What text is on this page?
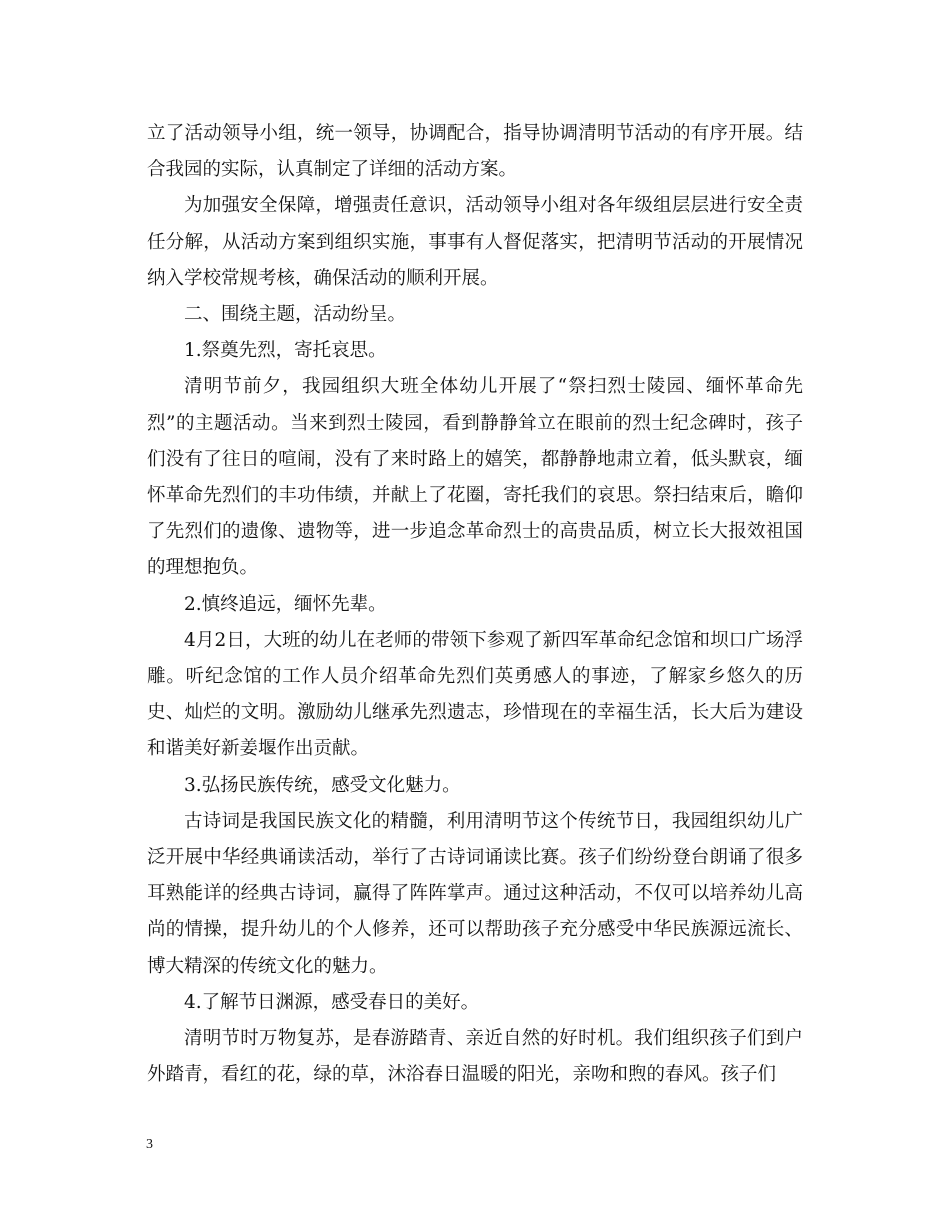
立了活动领导小组，统一领导，协调配合，指导协调清明节活动的有序开展。结合我园的实际，认真制定了详细的活动方案。

为加强安全保障，增强责任意识，活动领导小组对各年级组层层进行安全责任分解，从活动方案到组织实施，事事有人督促落实，把清明节活动的开展情况纳入学校常规考核，确保活动的顺利开展。

二、围绕主题，活动纷呈。

1.祭奠先烈，寄托哀思。

清明节前夕，我园组织大班全体幼儿开展了“祭扫烈士陵园、缅怀革命先烈”的主题活动。当来到烈士陵园，看到静静耸立在眼前的烈士纪念碑时，孩子们没有了往日的喧闹，没有了来时路上的嬉笑，都静静地肃立着，低头默哀，缅怀革命先烈们的丰功伟绩，并献上了花圈，寄托我们的哀思。祭扫结束后，瞻仰了先烈们的遗像、遗物等，进一步追念革命烈士的高贵品质，树立长大报效祖国的理想抱负。

2.慎终追远，缅怀先辈。

4月2日，大班的幼儿在老师的带领下参观了新四军革命纪念馆和坝口广场浮雕。听纪念馆的工作人员介绍革命先烈们英勇感人的事迹，了解家乡悠久的历史、灿烂的文明。激励幼儿继承先烈遗志，珍惜现在的幸福生活，长大后为建设和谐美好新姜堰作出贡献。

3.弘扬民族传统，感受文化魅力。

古诗词是我国民族文化的精髓，利用清明节这个传统节日，我园组织幼儿广泛开展中华经典诵读活动，举行了古诗词诵读比赛。孩子们纷纷登台朗诵了很多耳熟能详的经典古诗词，赢得了阵阵掌声。通过这种活动，不仅可以培养幼儿高尚的情操，提升幼儿的个人修养，还可以帮助孩子充分感受中华民族源远流长、博大精深的传统文化的魅力。

4.了解节日渊源，感受春日的美好。

清明节时万物复苏，是春游踏青、亲近自然的好时机。我们组织孩子们到户外踏青，看红的花，绿的草，沐浴春日温暖的阳光，亲吻和煦的春风。孩子们

3
